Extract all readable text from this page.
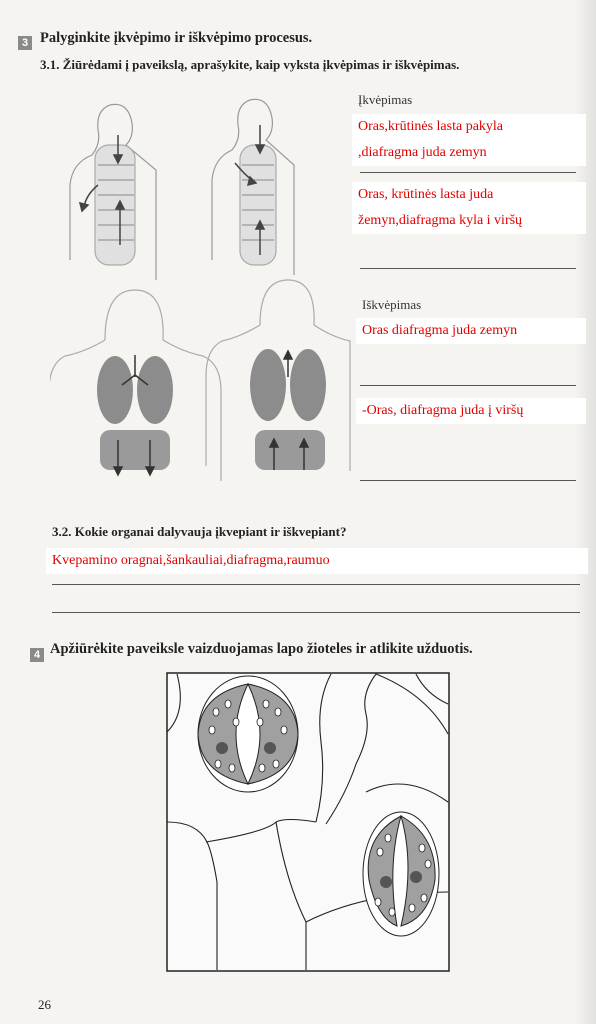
3 Palyginkite įkvėpimo ir iškvėpimo procesus.
3.1. Žiūrėdami į paveikslą, aprašykite, kaip vyksta įkvėpimas ir iškvėpimas.
Įkvėpimas
Oras,krūtinės lasta pakyla
,diafragma juda zemyn
Oras, krūtinės lasta juda
žemyn,diafragma kyla i viršų
Iškvėpimas
Oras diafragma juda zemyn
-Oras, diafragma juda į viršų
3.2. Kokie organai dalyvauja įkvepiant ir iškvepiant?
Kvepamino oragnai,šankauliai,diafragma,raumuo
4 Apžiūrėkite paveiksle vaizduojamas lapo žioteles ir atlikite užduotis.
26
